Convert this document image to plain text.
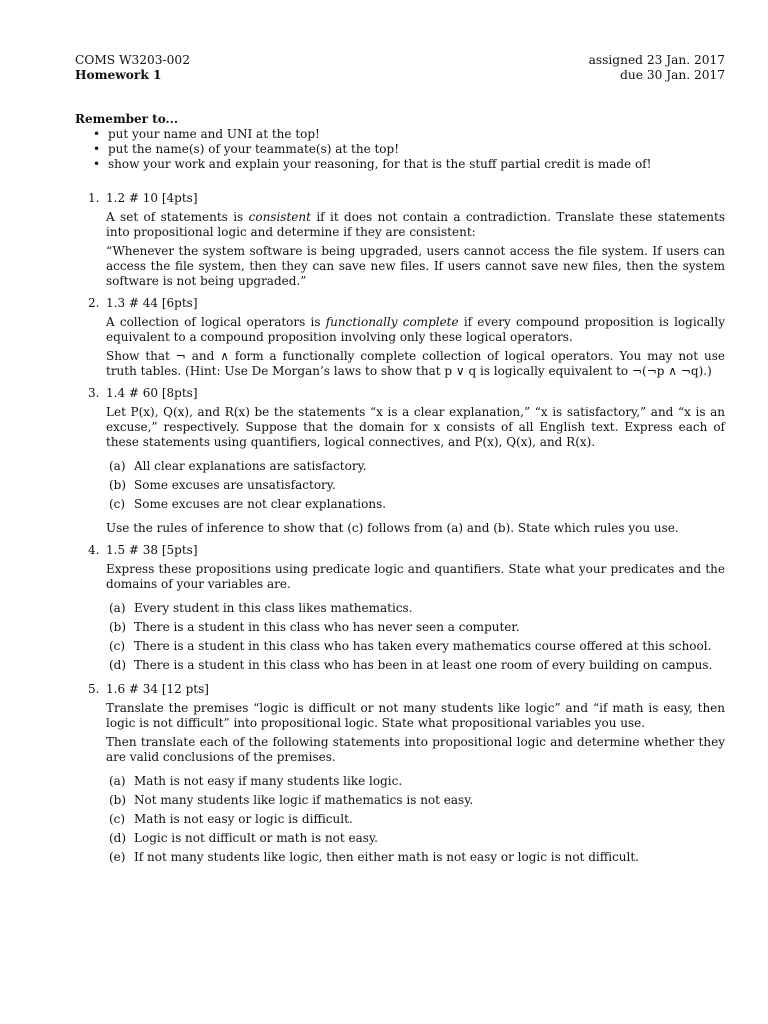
COMS W3203-002
Homework 1
assigned 23 Jan. 2017
due 30 Jan. 2017
Remember to...
• put your name and UNI at the top!
• put the name(s) of your teammate(s) at the top!
• show your work and explain your reasoning, for that is the stuff partial credit is made of!
1. 1.2 # 10 [4pts]
A set of statements is consistent if it does not contain a contradiction. Translate these statements into propositional logic and determine if they are consistent:
“Whenever the system software is being upgraded, users cannot access the file system. If users can access the file system, then they can save new files. If users cannot save new files, then the system software is not being upgraded.”
2. 1.3 # 44 [6pts]
A collection of logical operators is functionally complete if every compound proposition is logically equivalent to a compound proposition involving only these logical operators.
Show that ¬ and ∧ form a functionally complete collection of logical operators. You may not use truth tables. (Hint: Use De Morgan’s laws to show that p ∨ q is logically equivalent to ¬(¬p ∧ ¬q).)
3. 1.4 # 60 [8pts]
Let P(x), Q(x), and R(x) be the statements “x is a clear explanation,” “x is satisfactory,” and “x is an excuse,” respectively. Suppose that the domain for x consists of all English text. Express each of these statements using quantifiers, logical connectives, and P(x), Q(x), and R(x).
(a) All clear explanations are satisfactory.
(b) Some excuses are unsatisfactory.
(c) Some excuses are not clear explanations.
Use the rules of inference to show that (c) follows from (a) and (b). State which rules you use.
4. 1.5 # 38 [5pts]
Express these propositions using predicate logic and quantifiers. State what your predicates and the domains of your variables are.
(a) Every student in this class likes mathematics.
(b) There is a student in this class who has never seen a computer.
(c) There is a student in this class who has taken every mathematics course offered at this school.
(d) There is a student in this class who has been in at least one room of every building on campus.
5. 1.6 # 34 [12 pts]
Translate the premises “logic is difficult or not many students like logic” and “if math is easy, then logic is not difficult” into propositional logic. State what propositional variables you use.
Then translate each of the following statements into propositional logic and determine whether they are valid conclusions of the premises.
(a) Math is not easy if many students like logic.
(b) Not many students like logic if mathematics is not easy.
(c) Math is not easy or logic is difficult.
(d) Logic is not difficult or math is not easy.
(e) If not many students like logic, then either math is not easy or logic is not difficult.
